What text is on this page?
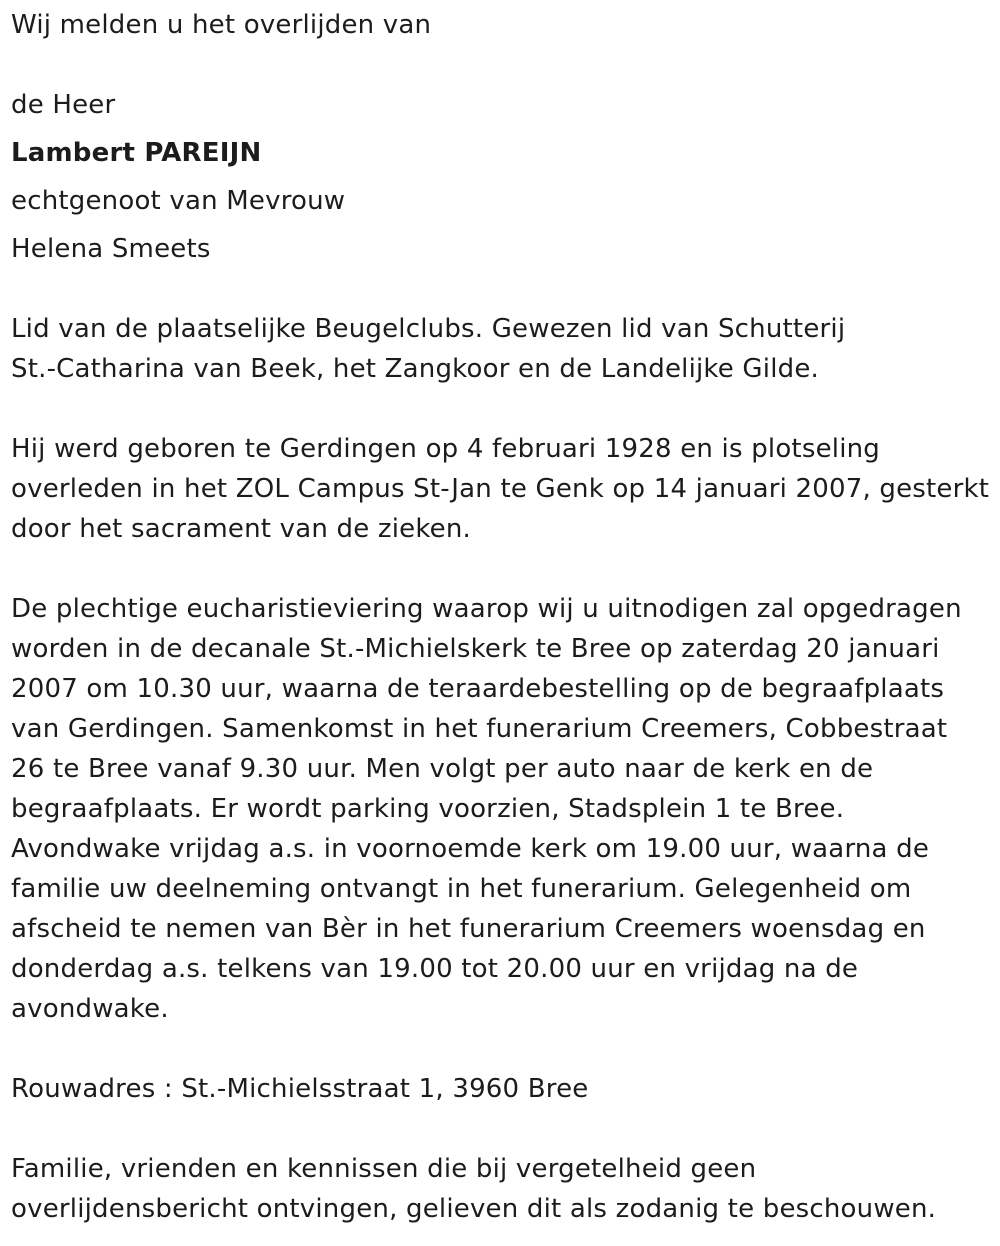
Wij melden u het overlijden van
de Heer
Lambert PAREIJN
echtgenoot van Mevrouw
Helena Smeets
Lid van de plaatselijke Beugelclubs. Gewezen lid van Schutterij
St.-Catharina van Beek, het Zangkoor en de Landelijke Gilde.
Hij werd geboren te Gerdingen op 4 februari 1928 en is plotseling
overleden in het ZOL Campus St-Jan te Genk op 14 januari 2007, gesterkt
door het sacrament van de zieken.
De plechtige eucharistieviering waarop wij u uitnodigen zal opgedragen
worden in de decanale St.-Michielskerk te Bree op zaterdag 20 januari
2007 om 10.30 uur, waarna de teraardebestelling op de begraafplaats
van Gerdingen. Samenkomst in het funerarium Creemers, Cobbestraat
26 te Bree vanaf 9.30 uur. Men volgt per auto naar de kerk en de
begraafplaats. Er wordt parking voorzien, Stadsplein 1 te Bree.
Avondwake vrijdag a.s. in voornoemde kerk om 19.00 uur, waarna de
familie uw deelneming ontvangt in het funerarium. Gelegenheid om
afscheid te nemen van Bèr in het funerarium Creemers woensdag en
donderdag a.s. telkens van 19.00 tot 20.00 uur en vrijdag na de
avondwake.
Rouwadres : St.-Michielsstraat 1, 3960 Bree
Familie, vrienden en kennissen die bij vergetelheid geen
overlijdensbericht ontvingen, gelieven dit als zodanig te beschouwen.
